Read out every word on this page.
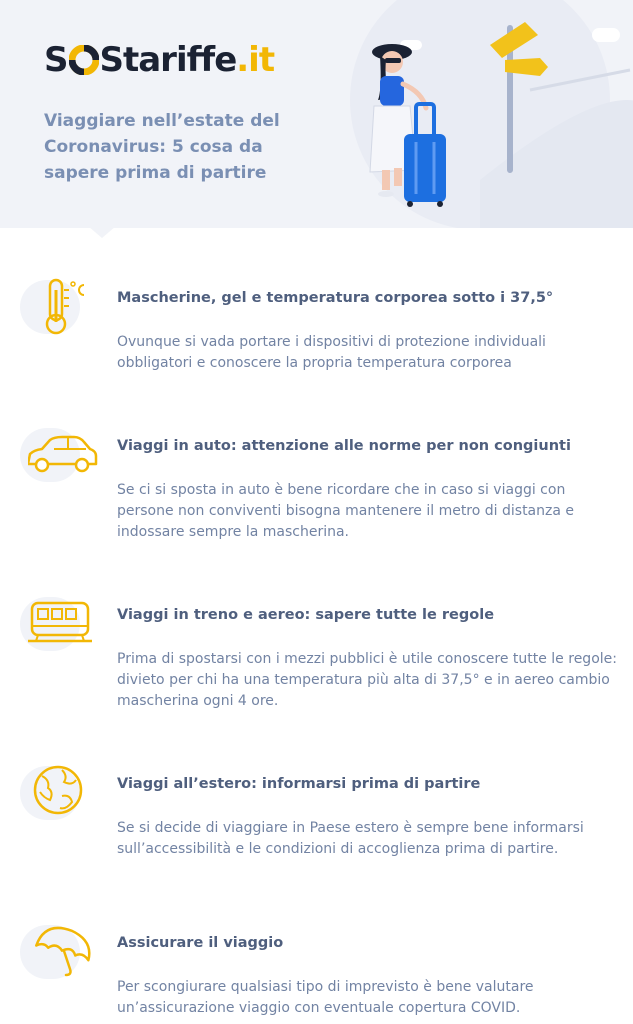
S Stariffe .it
Viaggiare nell’estate del Coronavirus: 5 cosa da sapere prima di partire
Mascherine, gel e temperatura corporea sotto i 37,5°
Ovunque si vada portare i dispositivi di protezione individuali obbligatori e conoscere la propria temperatura corporea
Viaggi in auto: attenzione alle norme per non congiunti
Se ci si sposta in auto è bene ricordare che in caso si viaggi con persone non conviventi bisogna mantenere il metro di distanza e indossare sempre la mascherina.
Viaggi in treno e aereo: sapere tutte le regole
Prima di spostarsi con i mezzi pubblici è utile conoscere tutte le regole: divieto per chi ha una temperatura più alta di 37,5° e in aereo cambio mascherina ogni 4 ore.
Viaggi all’estero: informarsi prima di partire
Se si decide di viaggiare in Paese estero è sempre bene informarsi sull’accessibilità e le condizioni di accoglienza prima di partire.
Assicurare il viaggio
Per scongiurare qualsiasi tipo di imprevisto è bene valutare un’assicurazione viaggio con eventuale copertura COVID.
